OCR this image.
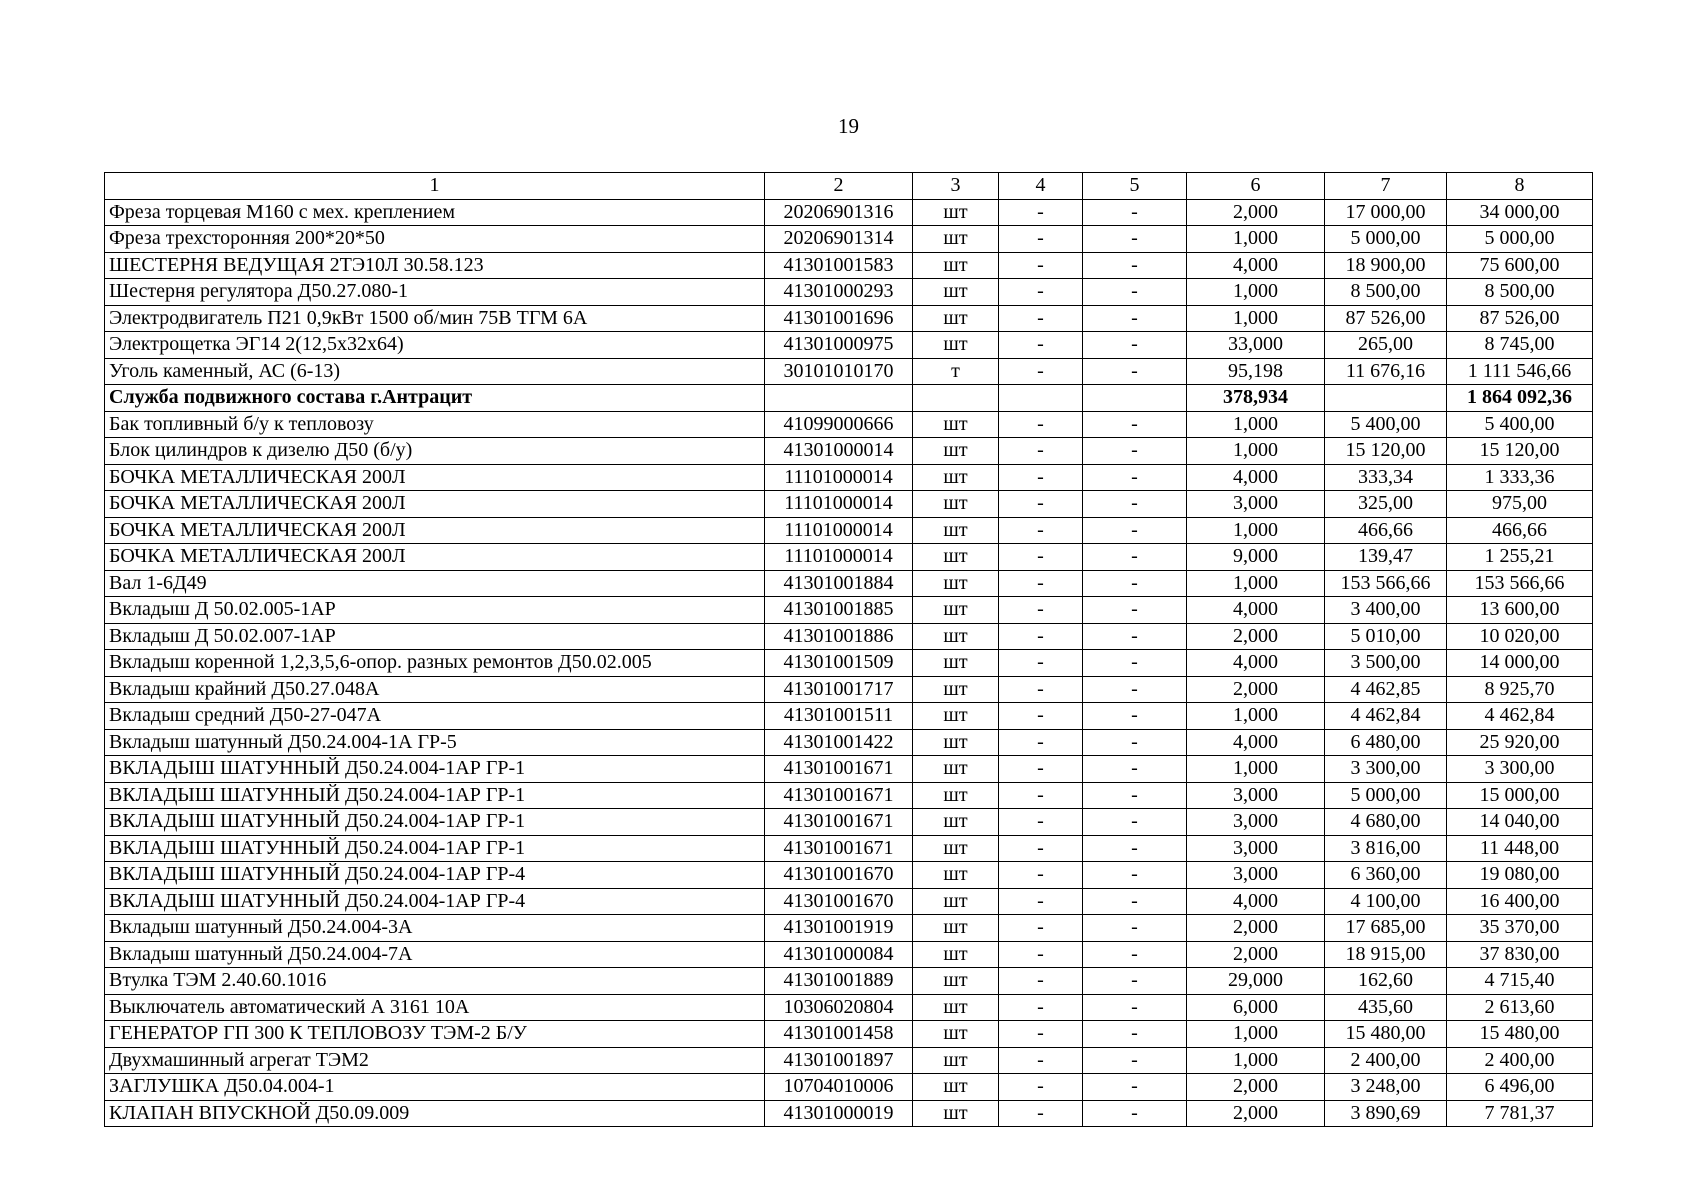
19
1	2	3	4	5	6	7	8
Фреза торцевая М160 с мех. креплением	20206901316	шт	-	-	2,000	17 000,00	34 000,00
Фреза трехсторонняя 200*20*50	20206901314	шт	-	-	1,000	5 000,00	5 000,00
ШЕСТЕРНЯ ВЕДУЩАЯ 2ТЭ10Л 30.58.123	41301001583	шт	-	-	4,000	18 900,00	75 600,00
Шестерня регулятора Д50.27.080-1	41301000293	шт	-	-	1,000	8 500,00	8 500,00
Электродвигатель П21 0,9кВт 1500 об/мин 75В ТГМ 6А	41301001696	шт	-	-	1,000	87 526,00	87 526,00
Электрощетка ЭГ14 2(12,5х32х64)	41301000975	шт	-	-	33,000	265,00	8 745,00
Уголь каменный, АС (6-13)	30101010170	т	-	-	95,198	11 676,16	1 111 546,66
Служба подвижного состава г.Антрацит					378,934		1 864 092,36
Бак топливный б/у к тепловозу	41099000666	шт	-	-	1,000	5 400,00	5 400,00
Блок цилиндров к дизелю Д50 (б/у)	41301000014	шт	-	-	1,000	15 120,00	15 120,00
БОЧКА МЕТАЛЛИЧЕСКАЯ 200Л	11101000014	шт	-	-	4,000	333,34	1 333,36
БОЧКА МЕТАЛЛИЧЕСКАЯ 200Л	11101000014	шт	-	-	3,000	325,00	975,00
БОЧКА МЕТАЛЛИЧЕСКАЯ 200Л	11101000014	шт	-	-	1,000	466,66	466,66
БОЧКА МЕТАЛЛИЧЕСКАЯ 200Л	11101000014	шт	-	-	9,000	139,47	1 255,21
Вал 1-6Д49	41301001884	шт	-	-	1,000	153 566,66	153 566,66
Вкладыш Д 50.02.005-1АР	41301001885	шт	-	-	4,000	3 400,00	13 600,00
Вкладыш Д 50.02.007-1АР	41301001886	шт	-	-	2,000	5 010,00	10 020,00
Вкладыш коренной 1,2,3,5,6-опор. разных ремонтов Д50.02.005	41301001509	шт	-	-	4,000	3 500,00	14 000,00
Вкладыш крайний Д50.27.048А	41301001717	шт	-	-	2,000	4 462,85	8 925,70
Вкладыш средний Д50-27-047А	41301001511	шт	-	-	1,000	4 462,84	4 462,84
Вкладыш шатунный Д50.24.004-1А ГР-5	41301001422	шт	-	-	4,000	6 480,00	25 920,00
ВКЛАДЫШ ШАТУННЫЙ Д50.24.004-1АР ГР-1	41301001671	шт	-	-	1,000	3 300,00	3 300,00
ВКЛАДЫШ ШАТУННЫЙ Д50.24.004-1АР ГР-1	41301001671	шт	-	-	3,000	5 000,00	15 000,00
ВКЛАДЫШ ШАТУННЫЙ Д50.24.004-1АР ГР-1	41301001671	шт	-	-	3,000	4 680,00	14 040,00
ВКЛАДЫШ ШАТУННЫЙ Д50.24.004-1АР ГР-1	41301001671	шт	-	-	3,000	3 816,00	11 448,00
ВКЛАДЫШ ШАТУННЫЙ Д50.24.004-1АР ГР-4	41301001670	шт	-	-	3,000	6 360,00	19 080,00
ВКЛАДЫШ ШАТУННЫЙ Д50.24.004-1АР ГР-4	41301001670	шт	-	-	4,000	4 100,00	16 400,00
Вкладыш шатунный Д50.24.004-3А	41301001919	шт	-	-	2,000	17 685,00	35 370,00
Вкладыш шатунный Д50.24.004-7А	41301000084	шт	-	-	2,000	18 915,00	37 830,00
Втулка ТЭМ 2.40.60.1016	41301001889	шт	-	-	29,000	162,60	4 715,40
Выключатель автоматический А 3161 10А	10306020804	шт	-	-	6,000	435,60	2 613,60
ГЕНЕРАТОР ГП 300 К ТЕПЛОВОЗУ ТЭМ-2 Б/У	41301001458	шт	-	-	1,000	15 480,00	15 480,00
Двухмашинный агрегат ТЭМ2	41301001897	шт	-	-	1,000	2 400,00	2 400,00
ЗАГЛУШКА Д50.04.004-1	10704010006	шт	-	-	2,000	3 248,00	6 496,00
КЛАПАН ВПУСКНОЙ Д50.09.009	41301000019	шт	-	-	2,000	3 890,69	7 781,37
